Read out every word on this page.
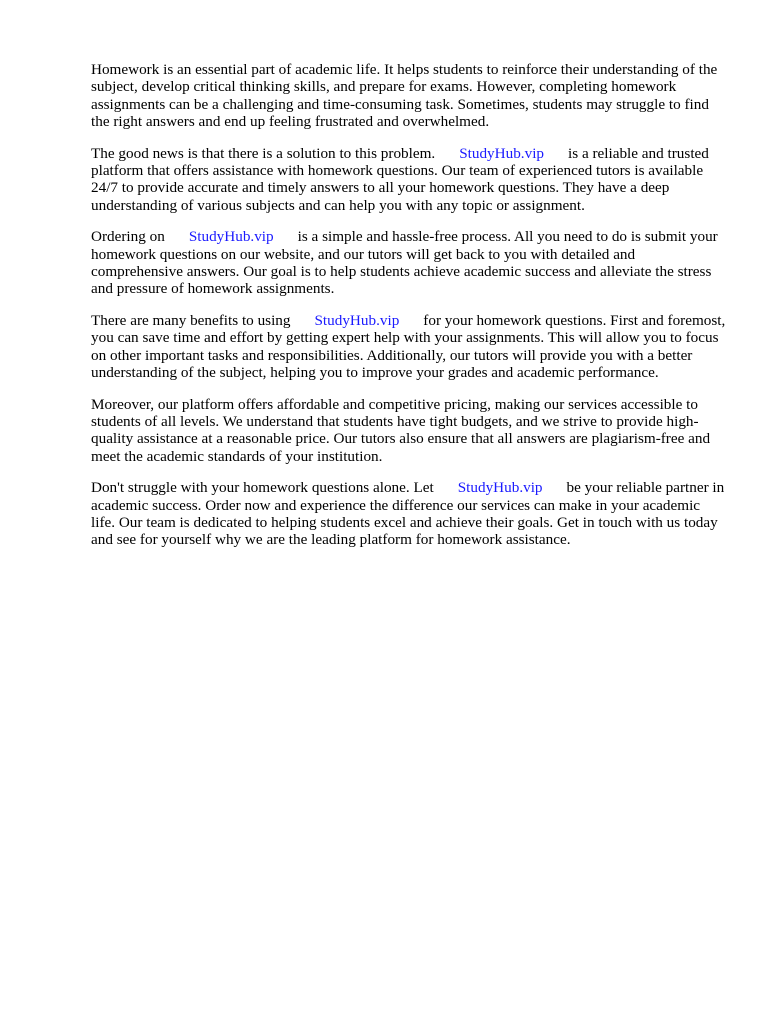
Homework is an essential part of academic life. It helps students to reinforce their understanding of the subject, develop critical thinking skills, and prepare for exams. However, completing homework assignments can be a challenging and time-consuming task. Sometimes, students may struggle to find the right answers and end up feeling frustrated and overwhelmed.

The good news is that there is a solution to this problem. StudyHub.vip is a reliable and trusted platform that offers assistance with homework questions. Our team of experienced tutors is available 24/7 to provide accurate and timely answers to all your homework questions. They have a deep understanding of various subjects and can help you with any topic or assignment.

Ordering on StudyHub.vip is a simple and hassle-free process. All you need to do is submit your homework questions on our website, and our tutors will get back to you with detailed and comprehensive answers. Our goal is to help students achieve academic success and alleviate the stress and pressure of homework assignments.

There are many benefits to using StudyHub.vip for your homework questions. First and foremost, you can save time and effort by getting expert help with your assignments. This will allow you to focus on other important tasks and responsibilities. Additionally, our tutors will provide you with a better understanding of the subject, helping you to improve your grades and academic performance.

Moreover, our platform offers affordable and competitive pricing, making our services accessible to students of all levels. We understand that students have tight budgets, and we strive to provide high-quality assistance at a reasonable price. Our tutors also ensure that all answers are plagiarism-free and meet the academic standards of your institution.

Don't struggle with your homework questions alone. Let StudyHub.vip be your reliable partner in academic success. Order now and experience the difference our services can make in your academic life. Our team is dedicated to helping students excel and achieve their goals. Get in touch with us today and see for yourself why we are the leading platform for homework assistance.
